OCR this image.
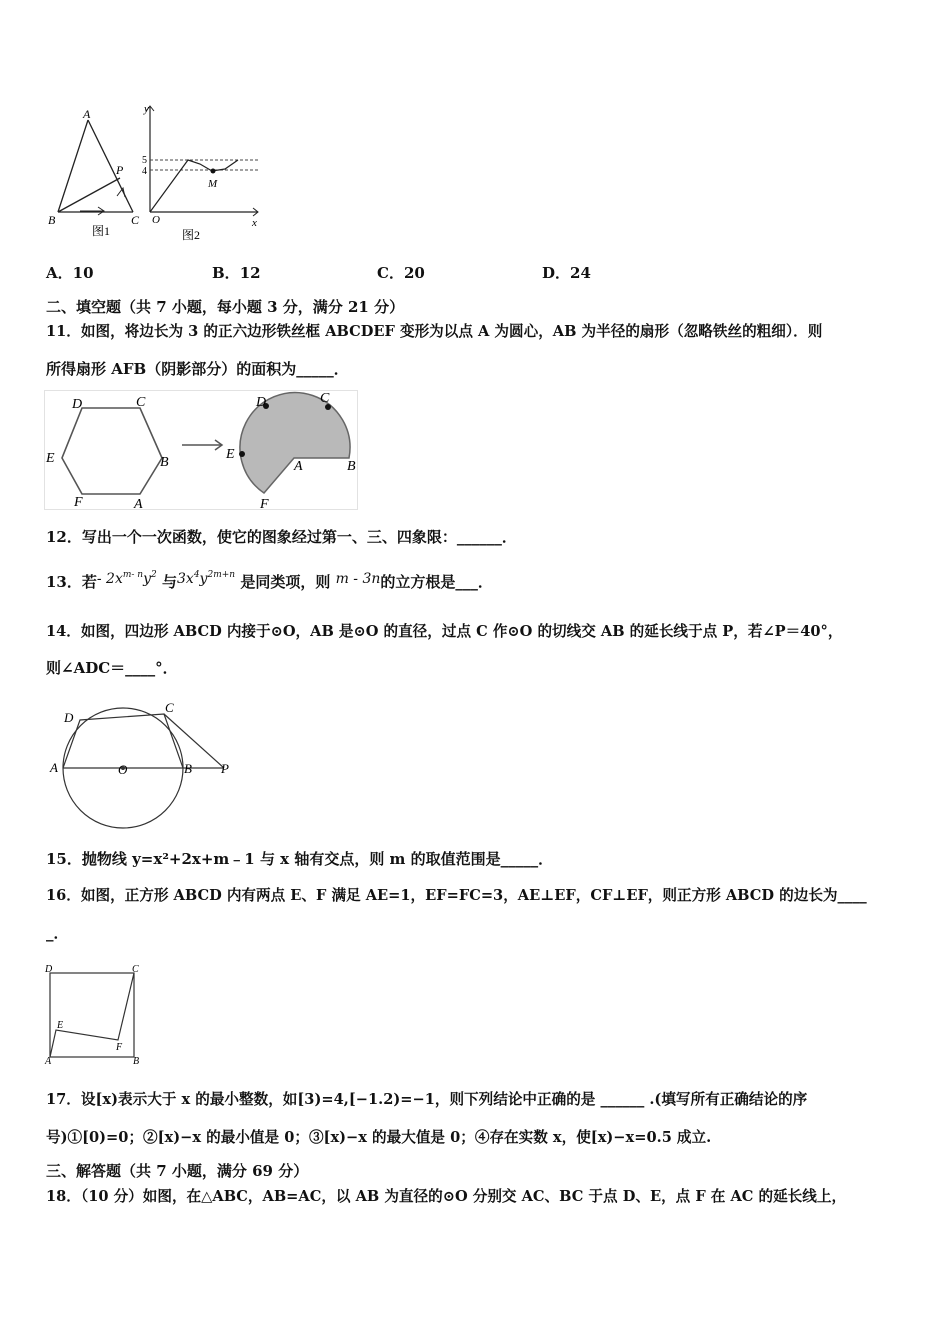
A
B	C
P
图1
y
x
O
M
5
4
图2
A．10	B．12	C．20	D．24
二、填空题（共 7 小题，每小题 3 分，满分 21 分）
11．如图，将边长为 3 的正六边形铁丝框 ABCDEF 变形为以点 A 为圆心，AB 为半径的扇形（忽略铁丝的粗细）．则
所得扇形 AFB（阴影部分）的面积为_____．
D	C
E	B
F	A
D	C
E
A	B
F
12．写出一个一次函数，使它的图象经过第一、三、四象限：______．
13．若- $2x^{m- n}y^2$ 与$3x^4y^{2m+n}$ 是同类项，则 m - 3n的立方根是___．
14．如图，四边形 ABCD 内接于⊙O，AB 是⊙O 的直径，过点 C 作⊙O 的切线交 AB 的延长线于点 P，若∠P＝40°，
则∠ADC＝____°．
D
C
A	O	B P
15．抛物线 y=x²+2x+m﹣1 与 x 轴有交点，则 m 的取值范围是_____．
16．如图，正方形 ABCD 内有两点 E、F 满足 AE=1，EF=FC=3，AE⊥EF，CF⊥EF，则正方形 ABCD 的边长为____
_．
D	C
E
F
A	B
17．设[x)表示大于 x 的最小整数，如[3)=4,[−1.2)=−1，则下列结论中正确的是 ______ .(填写所有正确结论的序
号)①[0)=0；②[x)−x 的最小值是 0；③[x)−x 的最大值是 0；④存在实数 x，使[x)−x=0.5 成立.
三、解答题（共 7 小题，满分 69 分）
18．（10 分）如图，在△ABC，AB=AC，以 AB 为直径的⊙O 分别交 AC、BC 于点 D、E，点 F 在 AC 的延长线上，
